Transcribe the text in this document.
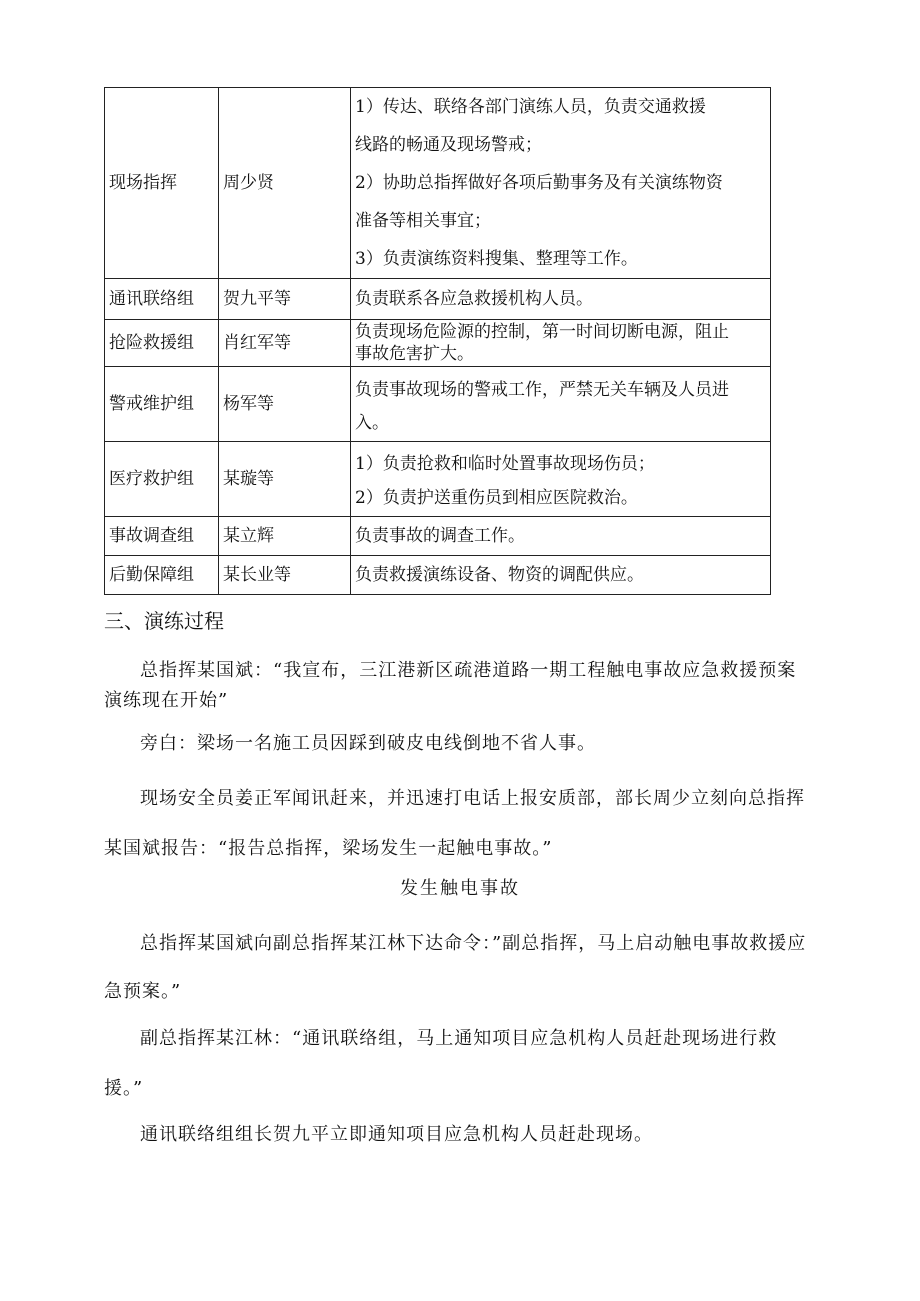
现场指挥	周少贤	1）传达、联络各部门演练人员，负责交通救援

线路的畅通及现场警戒；

2）协助总指挥做好各项后勤事务及有关演练物资

准备等相关事宜；

3）负责演练资料搜集、整理等工作。

通讯联络组	贺九平等	负责联系各应急救援机构人员。

抢险救援组	肖红军等	负责现场危险源的控制，第一时间切断电源，阻止

事故危害扩大。

警戒维护组	杨军等	负责事故现场的警戒工作，严禁无关车辆及人员进

入。

医疗救护组	某璇等	1）负责抢救和临时处置事故现场伤员；

2）负责护送重伤员到相应医院救治。

事故调查组	某立辉	负责事故的调查工作。

后勤保障组	某长业等	负责救援演练设备、物资的调配供应。

三、演练过程

总指挥某国斌：“我宣布，三江港新区疏港道路一期工程触电事故应急救援预案演练现在开始”

旁白：梁场一名施工员因踩到破皮电线倒地不省人事。

现场安全员姜正军闻讯赶来，并迅速打电话上报安质部，部长周少立刻向总指挥某国斌报告：“报告总指挥，梁场发生一起触电事故。”

发生触电事故

总指挥某国斌向副总指挥某江林下达命令：”副总指挥，马上启动触电事故救援应急预案。”

副总指挥某江林：“通讯联络组，马上通知项目应急机构人员赶赴现场进行救援。”

通讯联络组组长贺九平立即通知项目应急机构人员赶赴现场。
